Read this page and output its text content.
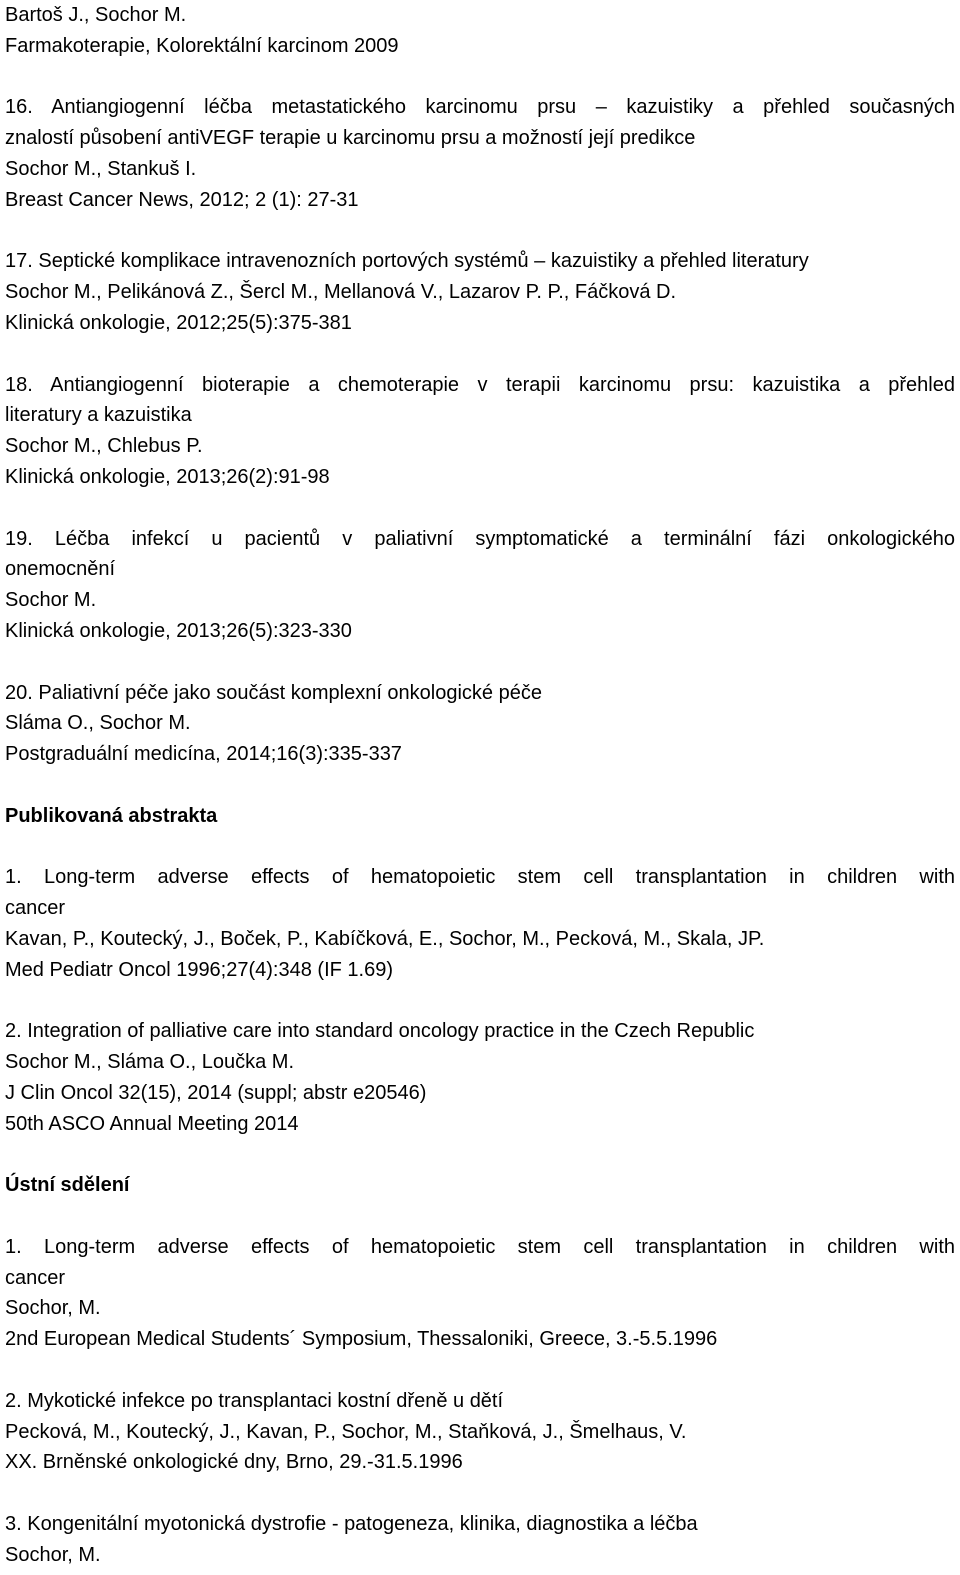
Bartoš J., Sochor M.
Farmakoterapie, Kolorektální karcinom 2009
16. Antiangiogenní léčba metastatického karcinomu prsu – kazuistiky a přehled současných
znalostí působení antiVEGF terapie u karcinomu prsu a možností její predikce
Sochor M., Stankuš I.
Breast Cancer News, 2012; 2 (1): 27-31
17. Septické komplikace intravenozních portových systémů – kazuistiky a přehled literatury
Sochor M., Pelikánová Z., Šercl M., Mellanová V., Lazarov P. P., Fáčková D.
Klinická onkologie, 2012;25(5):375-381
18. Antiangiogenní bioterapie a chemoterapie v terapii karcinomu prsu: kazuistika a přehled
literatury a kazuistika
Sochor M., Chlebus P.
Klinická onkologie, 2013;26(2):91-98
19. Léčba infekcí u pacientů v paliativní symptomatické a terminální fázi onkologického
onemocnění
Sochor M.
Klinická onkologie, 2013;26(5):323-330
20. Paliativní péče jako součást komplexní onkologické péče
Sláma O., Sochor M.
Postgraduální medicína, 2014;16(3):335-337
Publikovaná abstrakta
1. Long-term adverse effects of hematopoietic stem cell transplantation in children with
cancer
Kavan, P., Koutecký, J., Boček, P., Kabíčková, E., Sochor, M., Pecková, M., Skala, JP.
Med Pediatr Oncol 1996;27(4):348 (IF 1.69)
2. Integration of palliative care into standard oncology practice in the Czech Republic
Sochor M., Sláma O., Loučka M.
J Clin Oncol 32(15), 2014 (suppl; abstr e20546)
50th ASCO Annual Meeting 2014
Ústní sdělení
1. Long-term adverse effects of hematopoietic stem cell transplantation in children with
cancer
Sochor, M.
2nd European Medical Students´ Symposium, Thessaloniki, Greece, 3.-5.5.1996
2. Mykotické infekce po transplantaci kostní dřeně u dětí
Pecková, M., Koutecký, J., Kavan, P., Sochor, M., Staňková, J., Šmelhaus, V.
XX. Brněnské onkologické dny, Brno, 29.-31.5.1996
3. Kongenitální myotonická dystrofie - patogeneza, klinika, diagnostika a léčba
Sochor, M.
